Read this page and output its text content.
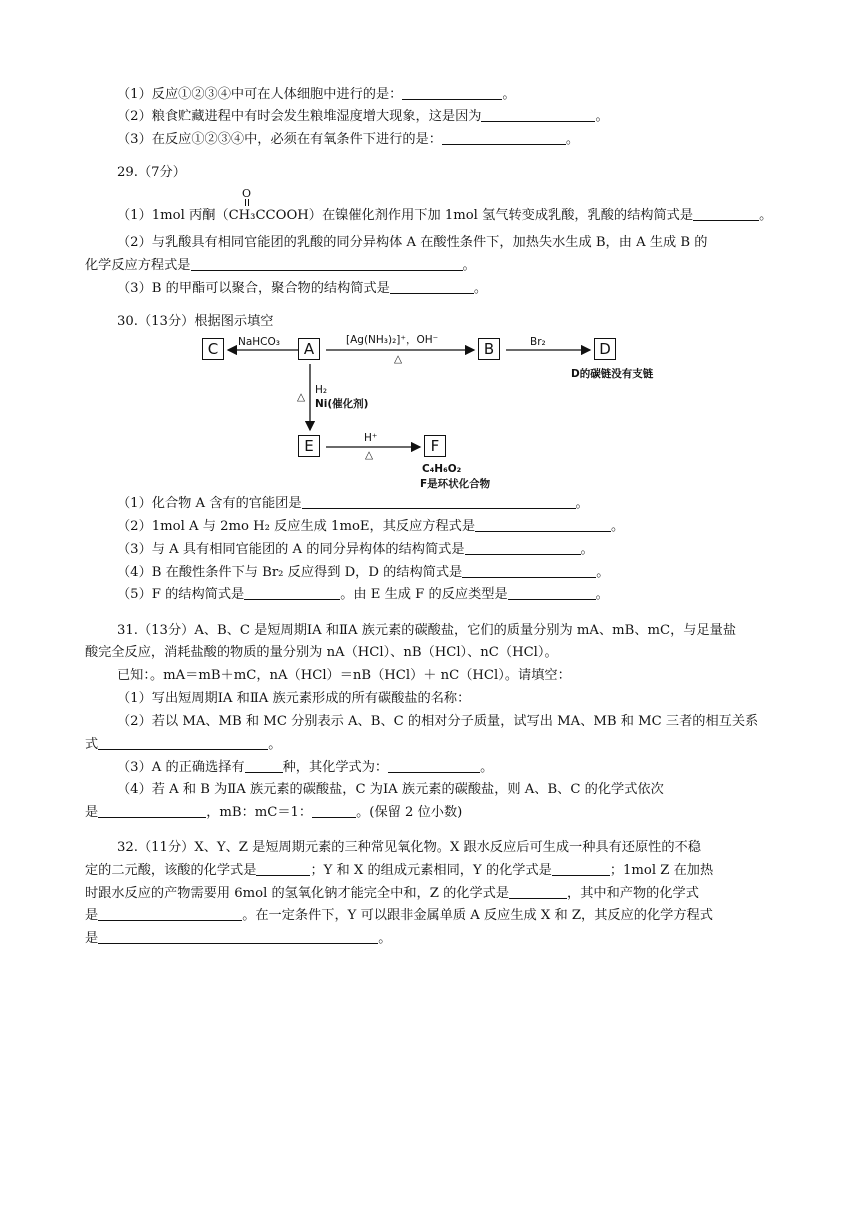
（1）反应①②③④中可在人体细胞中进行的是：	。
（2）粮食贮藏进程中有时会发生粮堆湿度增大现象，这是因为	。
（3）在反应①②③④中，必须在有氧条件下进行的是：	。
29.（7分）
O
（1）1mol 丙酮（CH₃CCOOH）在镍催化剂作用下加 1mol 氢气转变成乳酸，乳酸的结构简式是	。
（2）与乳酸具有相同官能团的乳酸的同分异构体 A 在酸性条件下，加热失水生成 B，由 A 生成 B 的
化学反应方程式是	。
（3）B 的甲酯可以聚合，聚合物的结构简式是	。
30.（13分）根据图示填空
C	A	B	D
E	F
NaHCO₃	[Ag(NH₃)₂]⁺，OH⁻
△
Br₂
D的碳链没有支链
H₂
Ni(催化剂)
△
H⁺
△
C₄H₆O₂
F是环状化合物
（1）化合物 A 含有的官能团是	。
（2）1mol A 与 2mo H₂ 反应生成 1moE，其反应方程式是	。
（3）与 A 具有相同官能团的 A 的同分异构体的结构简式是	。
（4）B 在酸性条件下与 Br₂ 反应得到 D，D 的结构简式是	。
（5）F 的结构简式是	。由 E 生成 F 的反应类型是	。
31.（13分）A、B、C 是短周期ⅠA 和ⅡA 族元素的碳酸盐，它们的质量分别为 mA、mB、mC，与足量盐
酸完全反应，消耗盐酸的物质的量分别为 nA（HCl）、nB（HCl）、nC（HCl）。
已知：。mA＝mB＋mC，nA（HCl）＝nB（HCl）＋ nC（HCl）。请填空：
（1）写出短周期ⅠA 和ⅡA 族元素形成的所有碳酸盐的名称：
（2）若以 MA、MB 和 MC 分别表示 A、B、C 的相对分子质量，试写出 MA、MB 和 MC 三者的相互关系
式	。
（3）A 的正确选择有	种，其化学式为：	。
（4）若 A 和 B 为ⅡA 族元素的碳酸盐，C 为ⅠA 族元素的碳酸盐，则 A、B、C 的化学式依次
是	，mB：mC＝1：	。(保留 2 位小数)
32.（11分）X、Y、Z 是短周期元素的三种常见氧化物。X 跟水反应后可生成一种具有还原性的不稳
定的二元酸，该酸的化学式是	；Y 和 X 的组成元素相同，Y 的化学式是	；1mol Z 在加热
时跟水反应的产物需要用 6mol 的氢氧化钠才能完全中和，Z 的化学式是	，其中和产物的化学式
是	。在一定条件下，Y 可以跟非金属单质 A 反应生成 X 和 Z，其反应的化学方程式
是	。
